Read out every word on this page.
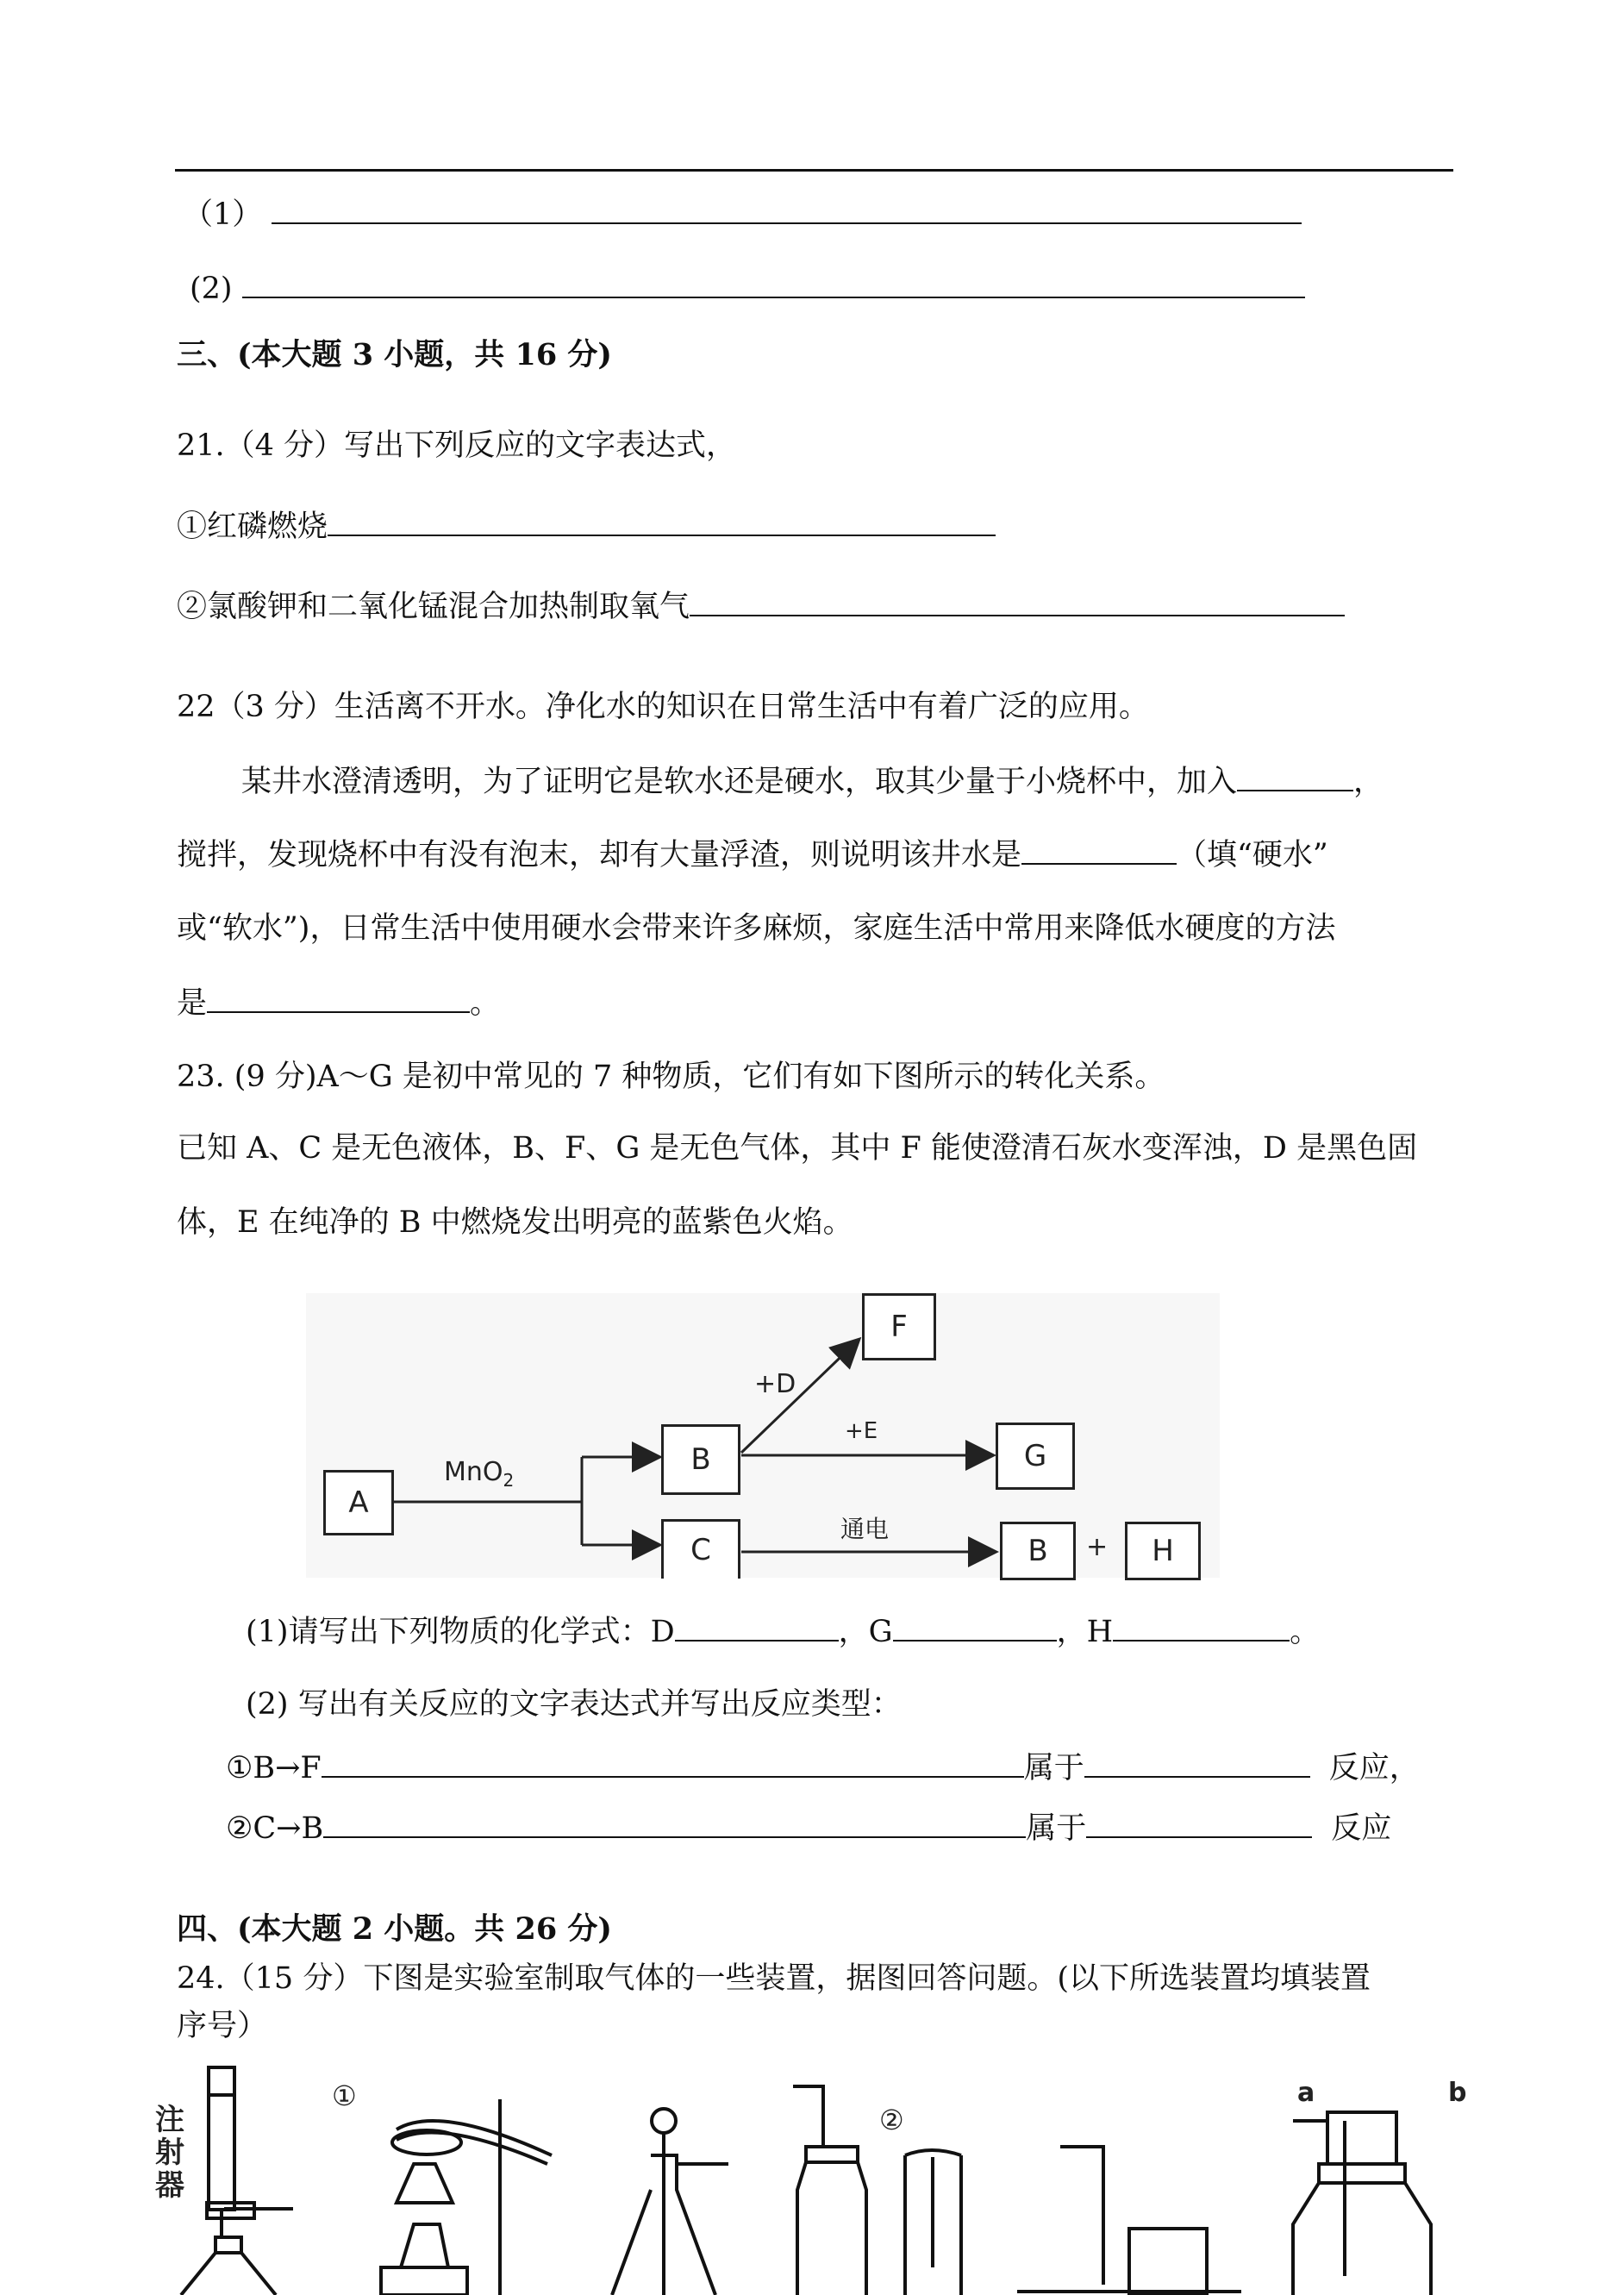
（1）
(2)
三、(本大题 3 小题，共 16 分)
21.（4 分）写出下列反应的文字表达式，
①红磷燃烧
②氯酸钾和二氧化锰混合加热制取氧气
22（3 分）生活离不开水。净化水的知识在日常生活中有着广泛的应用。
某井水澄清透明，为了证明它是软水还是硬水，取其少量于小烧杯中，加入	，
搅拌，发现烧杯中有没有泡末，却有大量浮渣，则说明该井水是	（填“硬水”
或“软水”)，日常生活中使用硬水会带来许多麻烦，家庭生活中常用来降低水硬度的方法
是	。
23. (9 分)A～G 是初中常见的 7 种物质，它们有如下图所示的转化关系。
已知 A、C 是无色液体，B、F、G 是无色气体，其中 F 能使澄清石灰水变浑浊，D 是黑色固
体，E 在纯净的 B 中燃烧发出明亮的蓝紫色火焰。
A
B
C
F
G
B	H
MnO$_2$
+D
+E
通电
+
(1)请写出下列物质的化学式：D	，G	，H	。
(2) 写出有关反应的文字表达式并写出反应类型：
①B→F	属于	反应，
②C→B	属于	反应
四、(本大题 2 小题。共 26 分)
24.（15 分）下图是实验室制取气体的一些装置，据图回答问题。(以下所选装置均填装置
序号）
注射器
①
②
a	b
